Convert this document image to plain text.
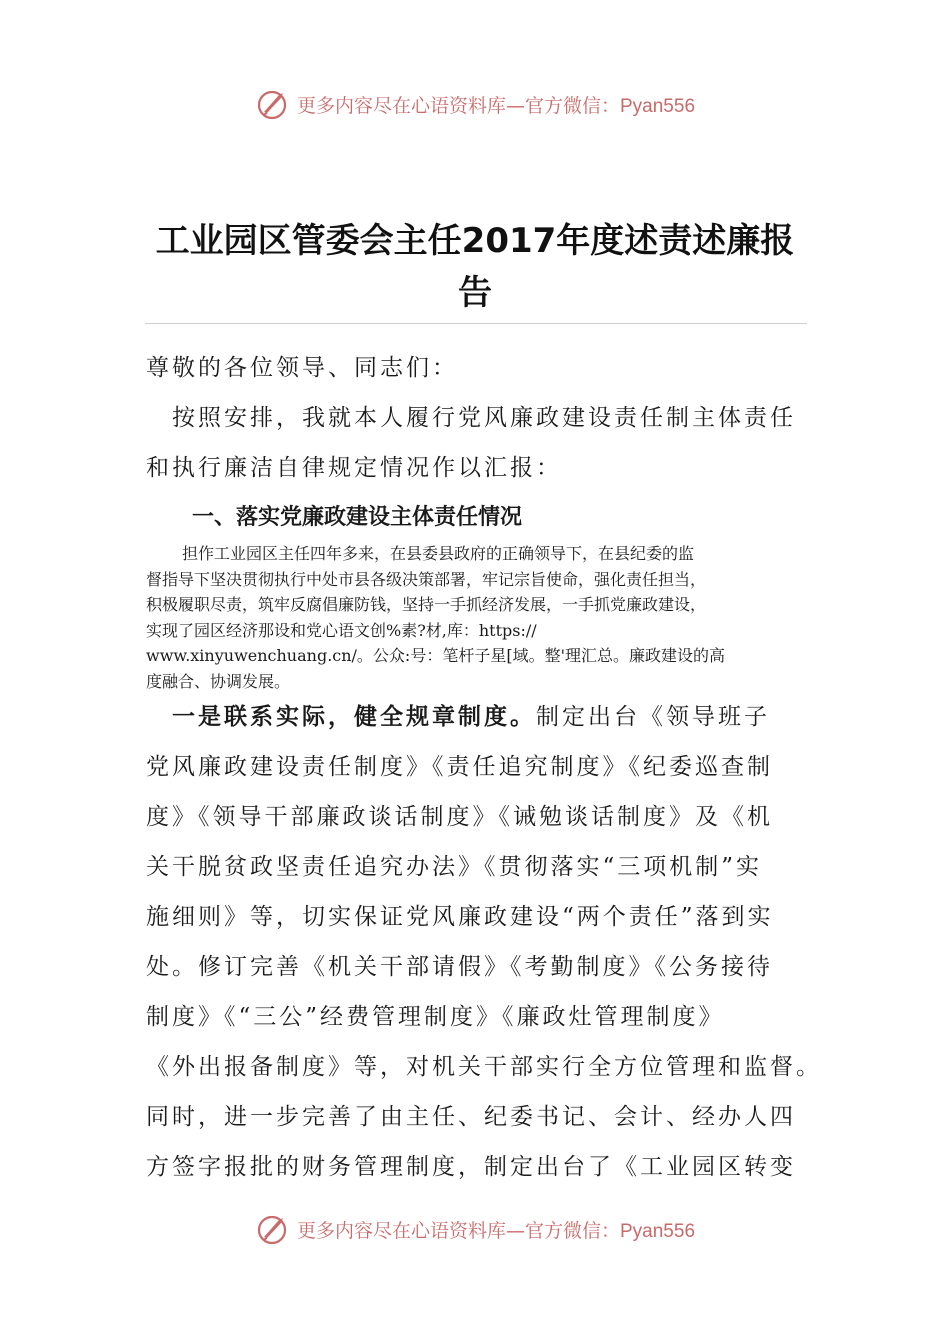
更多内容尽在心语资料库—官方微信：Pyan556
工业园区管委会主任2017年度述责述廉报
告

尊敬的各位领导、同志们：

　按照安排，我就本人履行党风廉政建设责任制主体责任

和执行廉洁自律规定情况作以汇报：

一、落实党廉政建设主体责任情况

担作工业园区主任四年多来，在县委县政府的正确领导下，在县纪委的监
督指导下坚决贯彻执行中处市县各级决策部署，牢记宗旨使命，强化责任担当，
积极履职尽责，筑牢反腐倡廉防钱，坚持一手抓经济发展，一手抓党廉政建设，
实现了园区经济那设和党心语文创%素?材,库：https://
www.xinyuwenchuang.cn/。公众:号：笔杆子星[域。整'理汇总。廉政建设的高
度融合、协调发展。

　一是联系实际，健全规章制度。制定出台《领导班子

党风廉政建设责任制度》《责任追究制度》《纪委巡查制

度》《领导干部廉政谈话制度》《诫勉谈话制度》及《机

关干脱贫政坚责任追究办法》《贯彻落实“三项机制”实

施细则》等，切实保证党风廉政建设“两个责任”落到实

处。修订完善《机关干部请假》《考勤制度》《公务接待

制度》《“三公”经费管理制度》《廉政灶管理制度》

《外出报备制度》等，对机关干部实行全方位管理和监督。

同时，进一步完善了由主任、纪委书记、会计、经办人四

方签字报批的财务管理制度，制定出台了《工业园区转变

更多内容尽在心语资料库—官方微信：Pyan556
